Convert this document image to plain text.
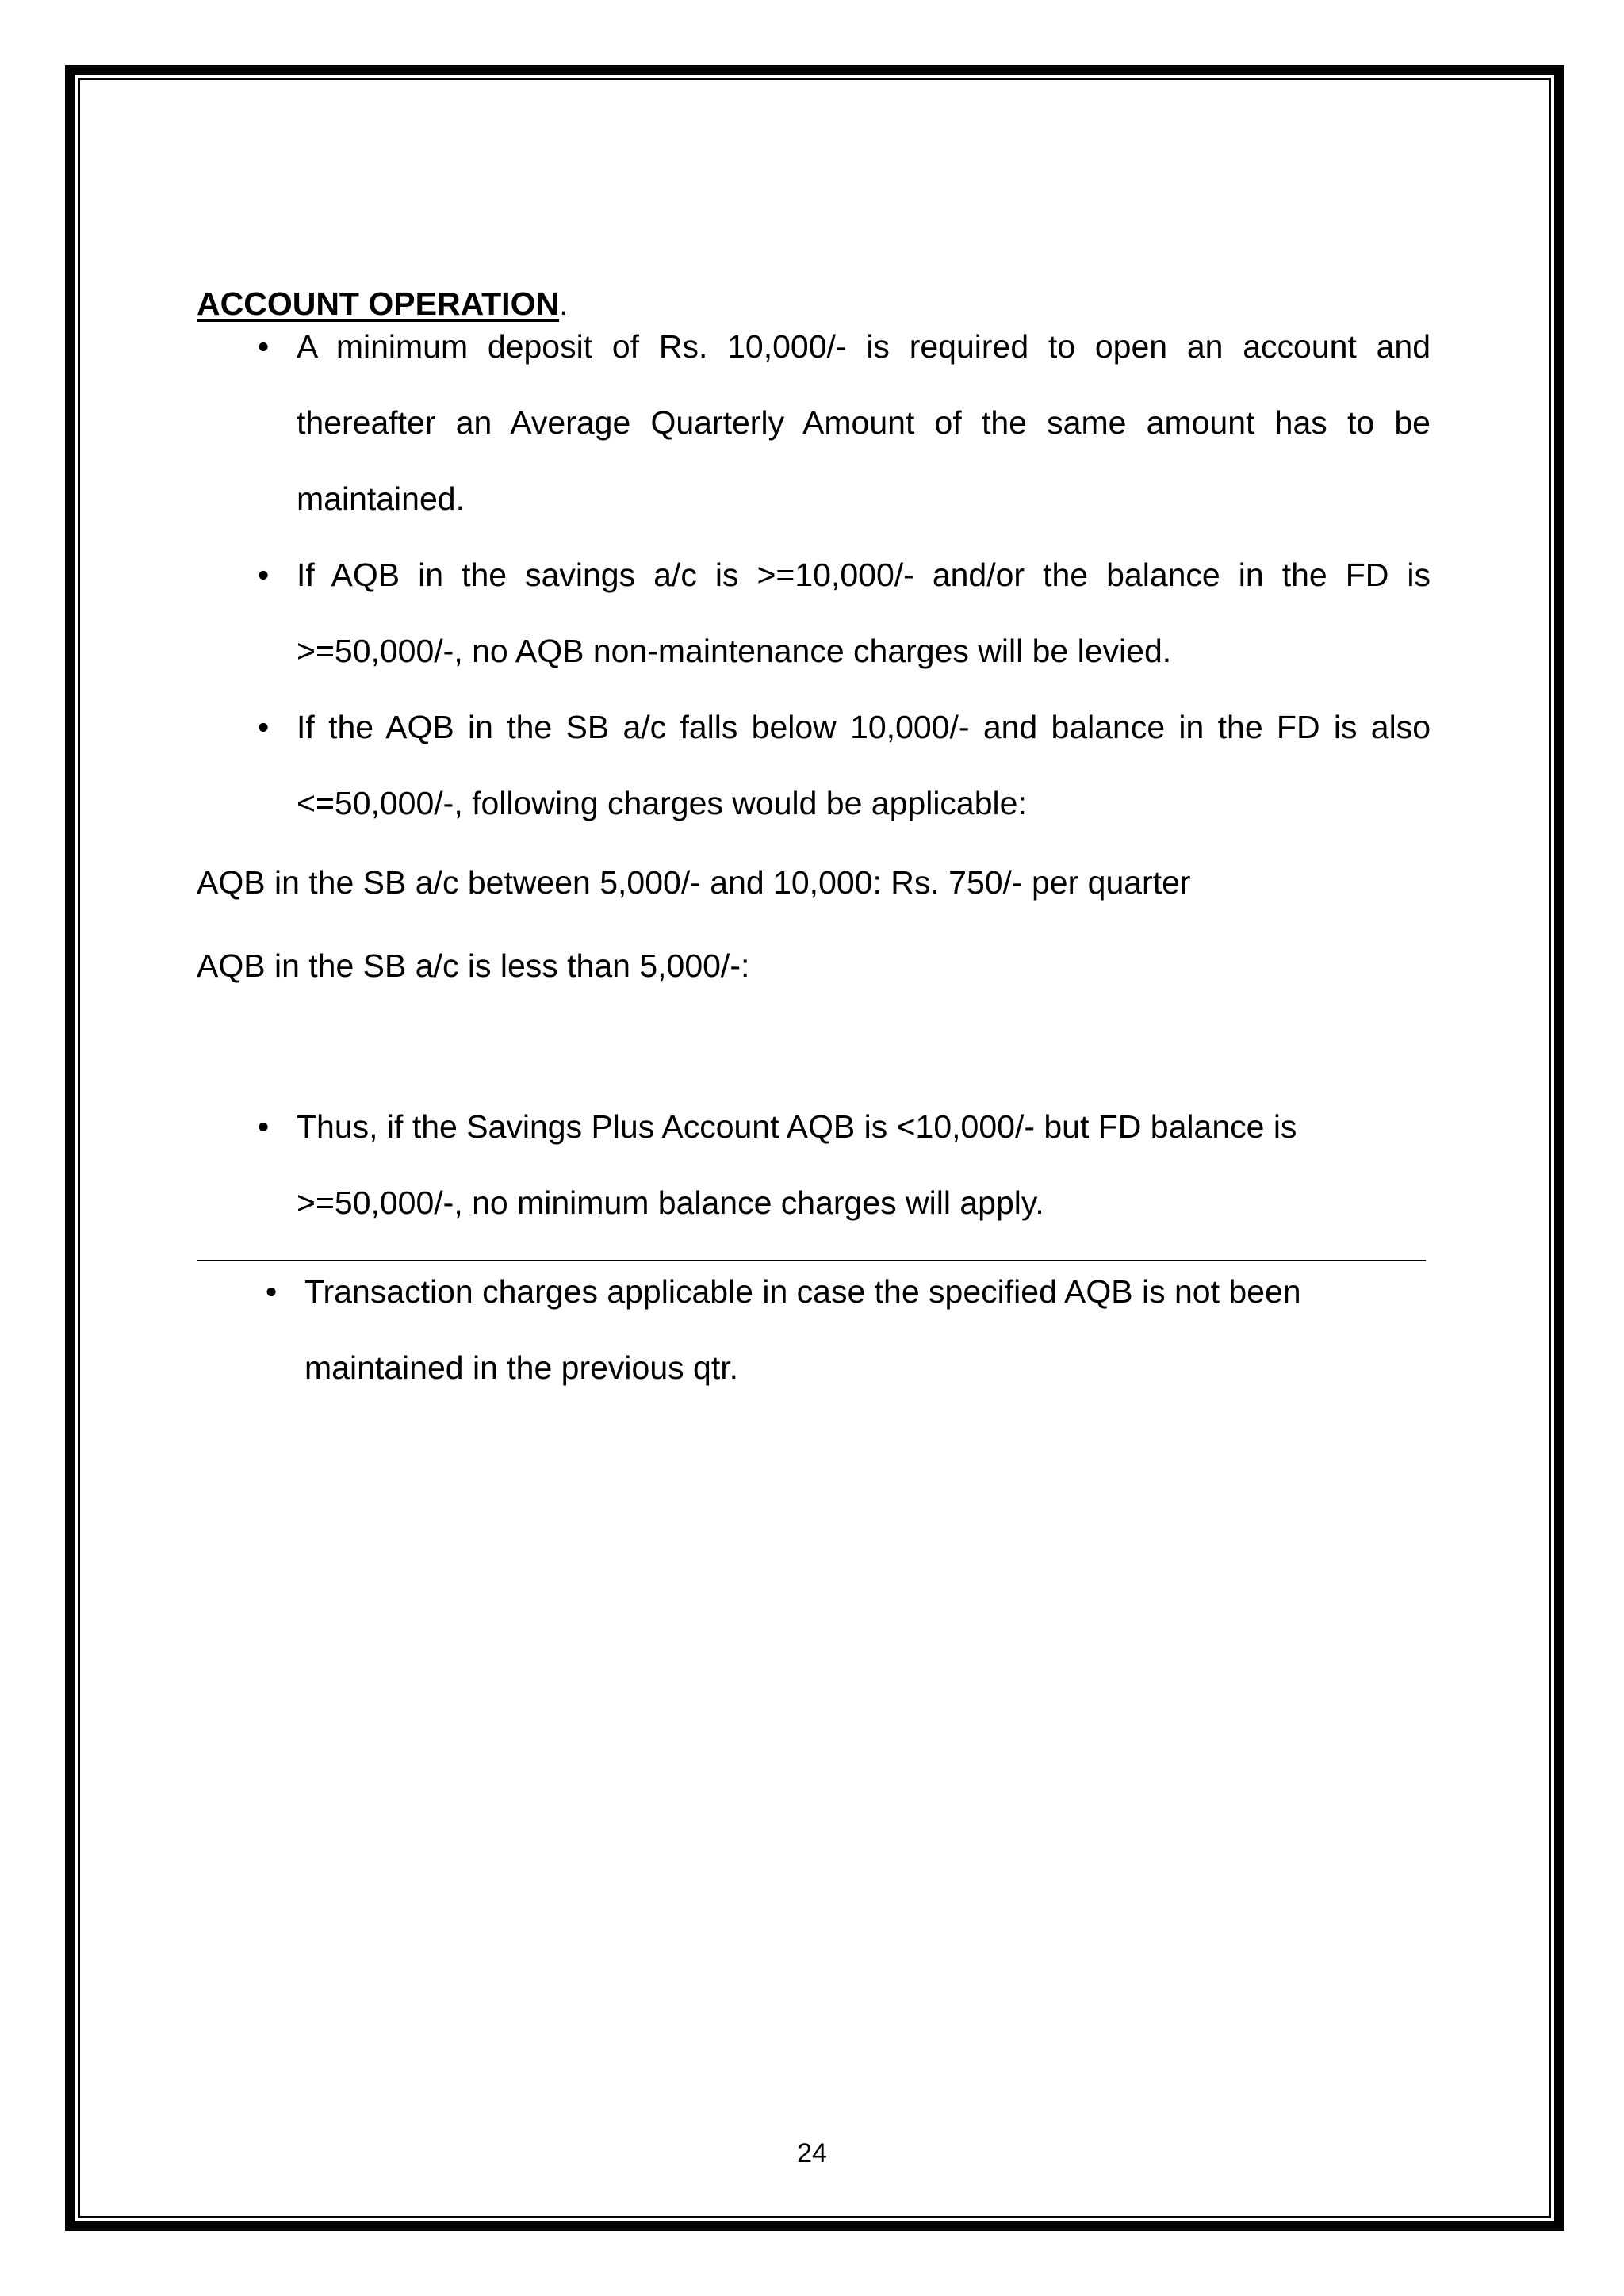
ACCOUNT OPERATION.
• A minimum deposit of Rs. 10,000/- is required to open an account and thereafter an Average Quarterly Amount of the same amount has to be maintained.
• If AQB in the savings a/c is >=10,000/- and/or the balance in the FD is >=50,000/-, no AQB non-maintenance charges will be levied.
• If the AQB in the SB a/c falls below 10,000/- and balance in the FD is also <=50,000/-, following charges would be applicable:
AQB in the SB a/c between 5,000/- and 10,000: Rs. 750/- per quarter
AQB in the SB a/c is less than 5,000/-:
• Thus, if the Savings Plus Account AQB is <10,000/- but FD balance is >=50,000/-, no minimum balance charges will apply.
• Transaction charges applicable in case the specified AQB is not been maintained in the previous qtr.
24
